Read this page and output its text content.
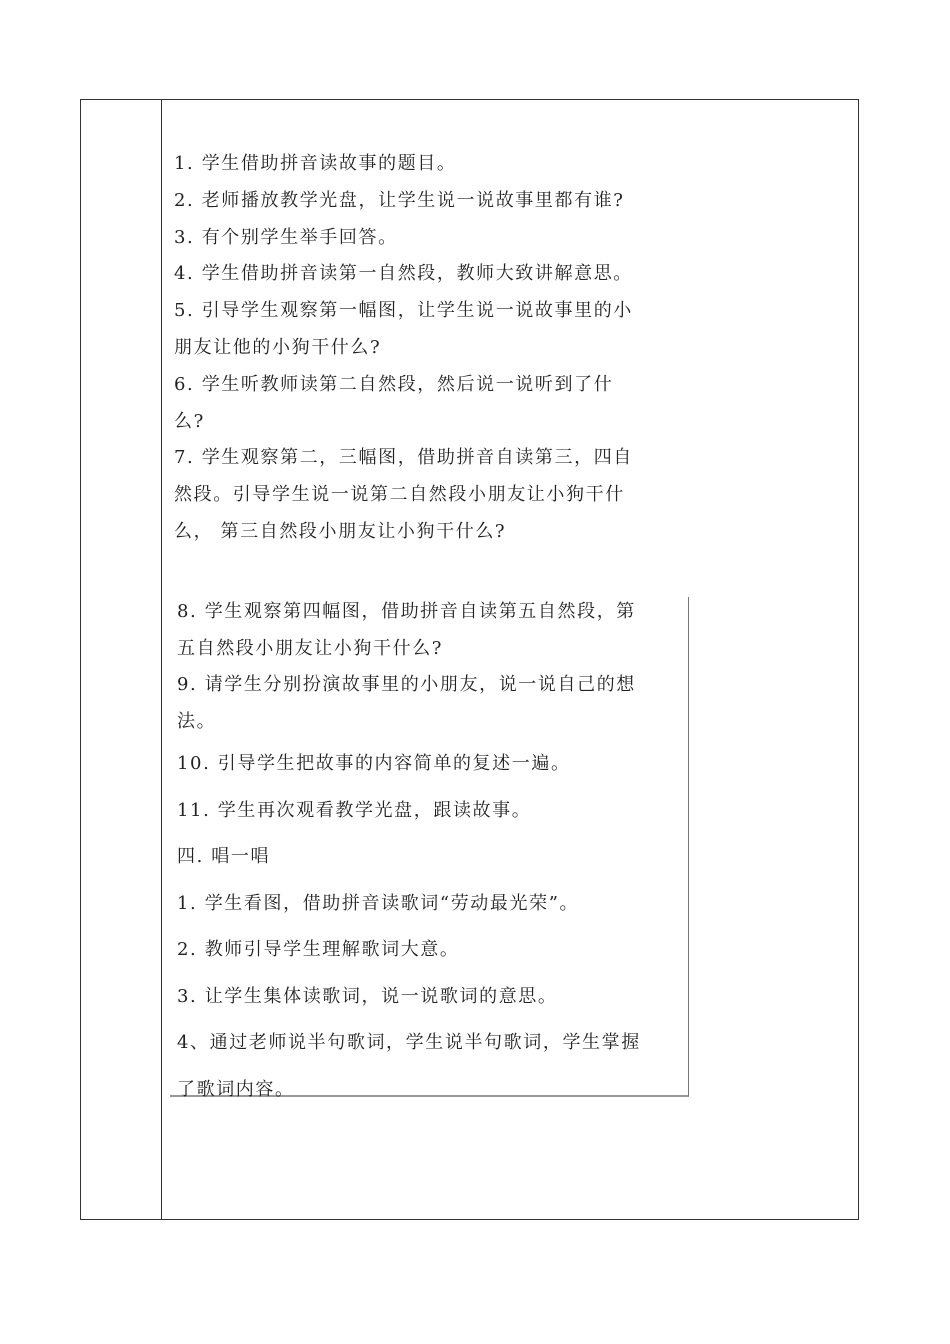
1. 学生借助拼音读故事的题目。
2. 老师播放教学光盘，让学生说一说故事里都有谁?
3. 有个别学生举手回答。
4. 学生借助拼音读第一自然段，教师大致讲解意思。
5. 引导学生观察第一幅图，让学生说一说故事里的小
朋友让他的小狗干什么?
6. 学生听教师读第二自然段，然后说一说听到了什
么?
7. 学生观察第二，三幅图，借助拼音自读第三，四自
然段。引导学生说一说第二自然段小朋友让小狗干什
么， 第三自然段小朋友让小狗干什么?
8. 学生观察第四幅图，借助拼音自读第五自然段，第
五自然段小朋友让小狗干什么?
9. 请学生分别扮演故事里的小朋友，说一说自己的想
法。
10. 引导学生把故事的内容简单的复述一遍。
11. 学生再次观看教学光盘，跟读故事。
四. 唱一唱
1. 学生看图，借助拼音读歌词“劳动最光荣”。
2. 教师引导学生理解歌词大意。
3. 让学生集体读歌词，说一说歌词的意思。
4、通过老师说半句歌词，学生说半句歌词，学生掌握
了歌词内容。
